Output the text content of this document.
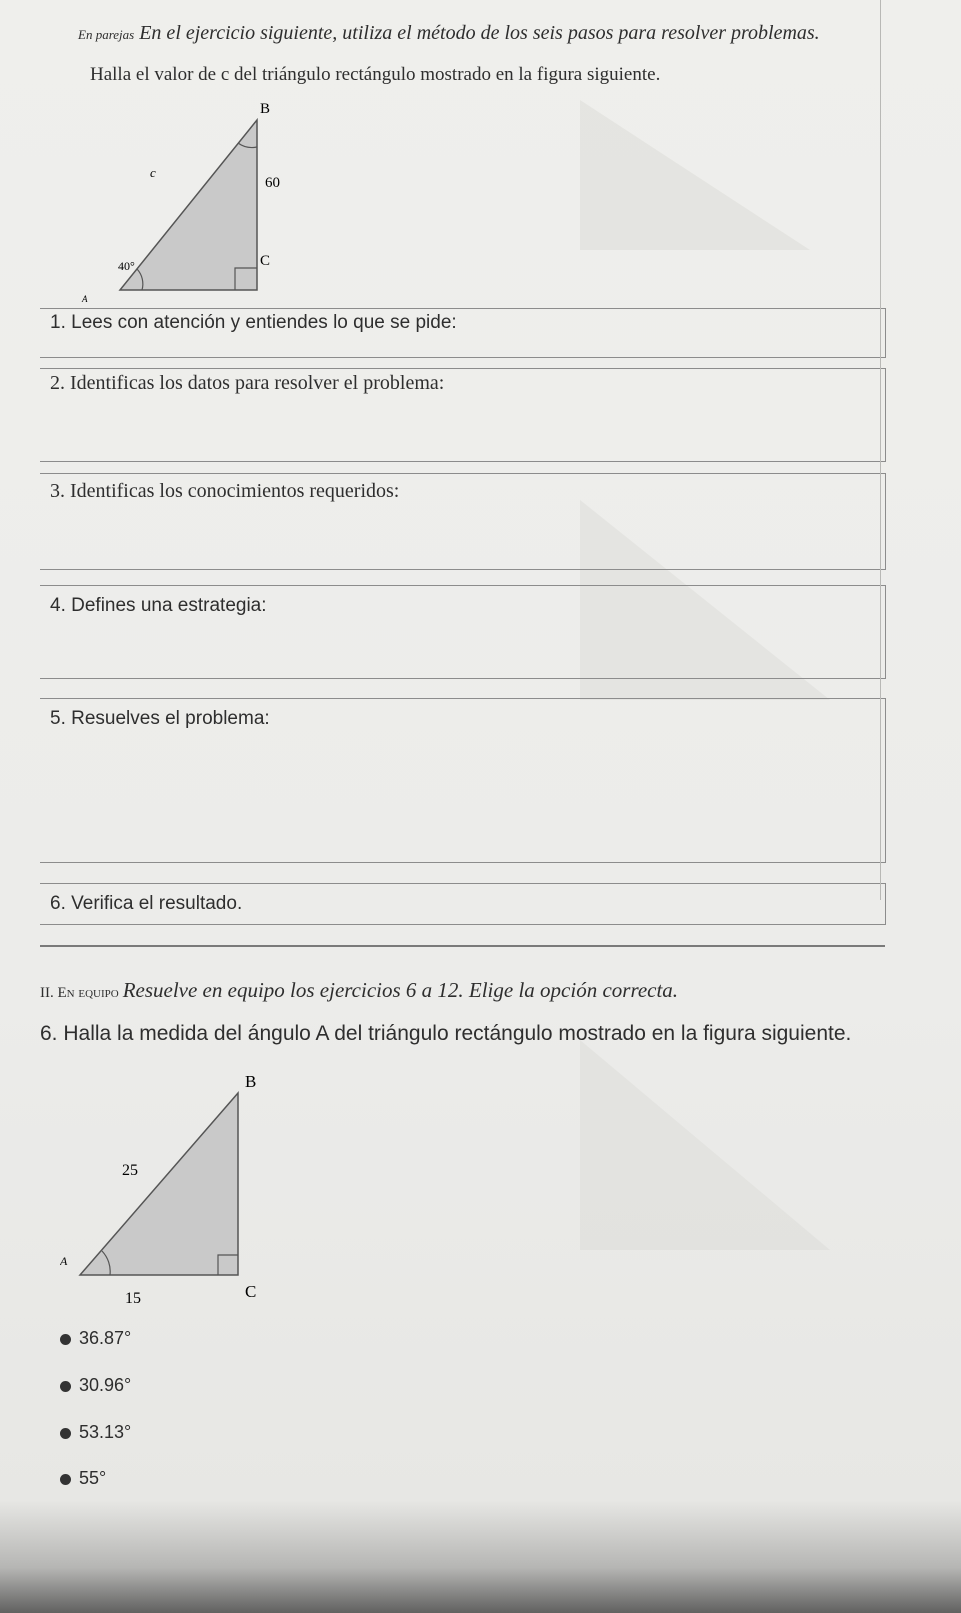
En parejas En el ejercicio siguiente, utiliza el método de los seis pasos para resolver problemas.
Halla el valor de c del triángulo rectángulo mostrado en la figura siguiente.
B
60
c
40°	C
A
1. Lees con atención y entiendes lo que se pide:
2. Identificas los datos para resolver el problema:
3. Identificas los conocimientos requeridos:
4. Defines una estrategia:
5. Resuelves el problema:
6. Verifica el resultado.
II. En equipo Resuelve en equipo los ejercicios 6 a 12. Elige la opción correcta.
6. Halla la medida del ángulo A del triángulo rectángulo mostrado en la figura siguiente.
B
25
A
15	C
36.87°
30.96°
53.13°
55°
